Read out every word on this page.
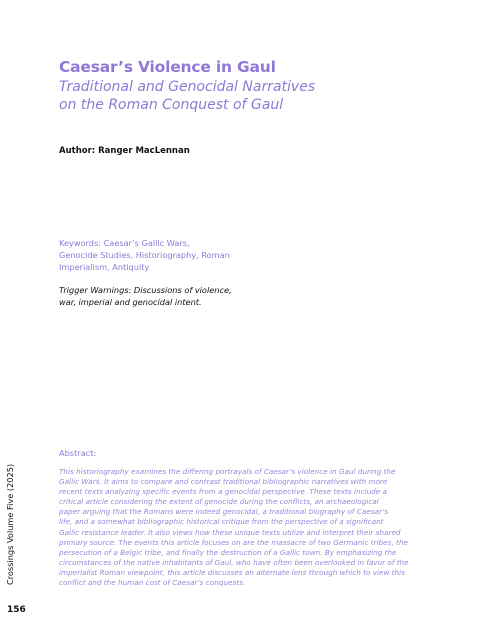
Caesar’s Violence in Gaul
Traditional and Genocidal Narratives
on the Roman Conquest of Gaul
Author: Ranger MacLennan
Keywords: Caesar’s Gallic Wars,
Genocide Studies, Historiography, Roman
Imperialism, Antiquity
Trigger Warnings: Discussions of violence,
war, imperial and genocidal intent.
Abstract:
This historiography examines the differing portrayals of Caesar’s violence in Gaul during the
Gallic Wars. It aims to compare and contrast traditional bibliographic narratives with more
recent texts analyzing specific events from a genocidal perspective. These texts include a
critical article considering the extent of genocide during the conflicts, an archaeological
paper arguing that the Romans were indeed genocidal, a traditional biography of Caesar’s
life, and a somewhat bibliographic historical critique from the perspective of a significant
Gallic resistance leader. It also views how these unique texts utilize and interpret their shared
primary source. The events this article focuses on are the massacre of two Germanic tribes, the
persecution of a Belgic tribe, and finally the destruction of a Gallic town. By emphasizing the
circumstances of the native inhabitants of Gaul, who have often been overlooked in favor of the
imperialist Roman viewpoint, this article discusses an alternate lens through which to view this
conflict and the human cost of Caesar’s conquests.
Crossings Volume Five (2025)
156
